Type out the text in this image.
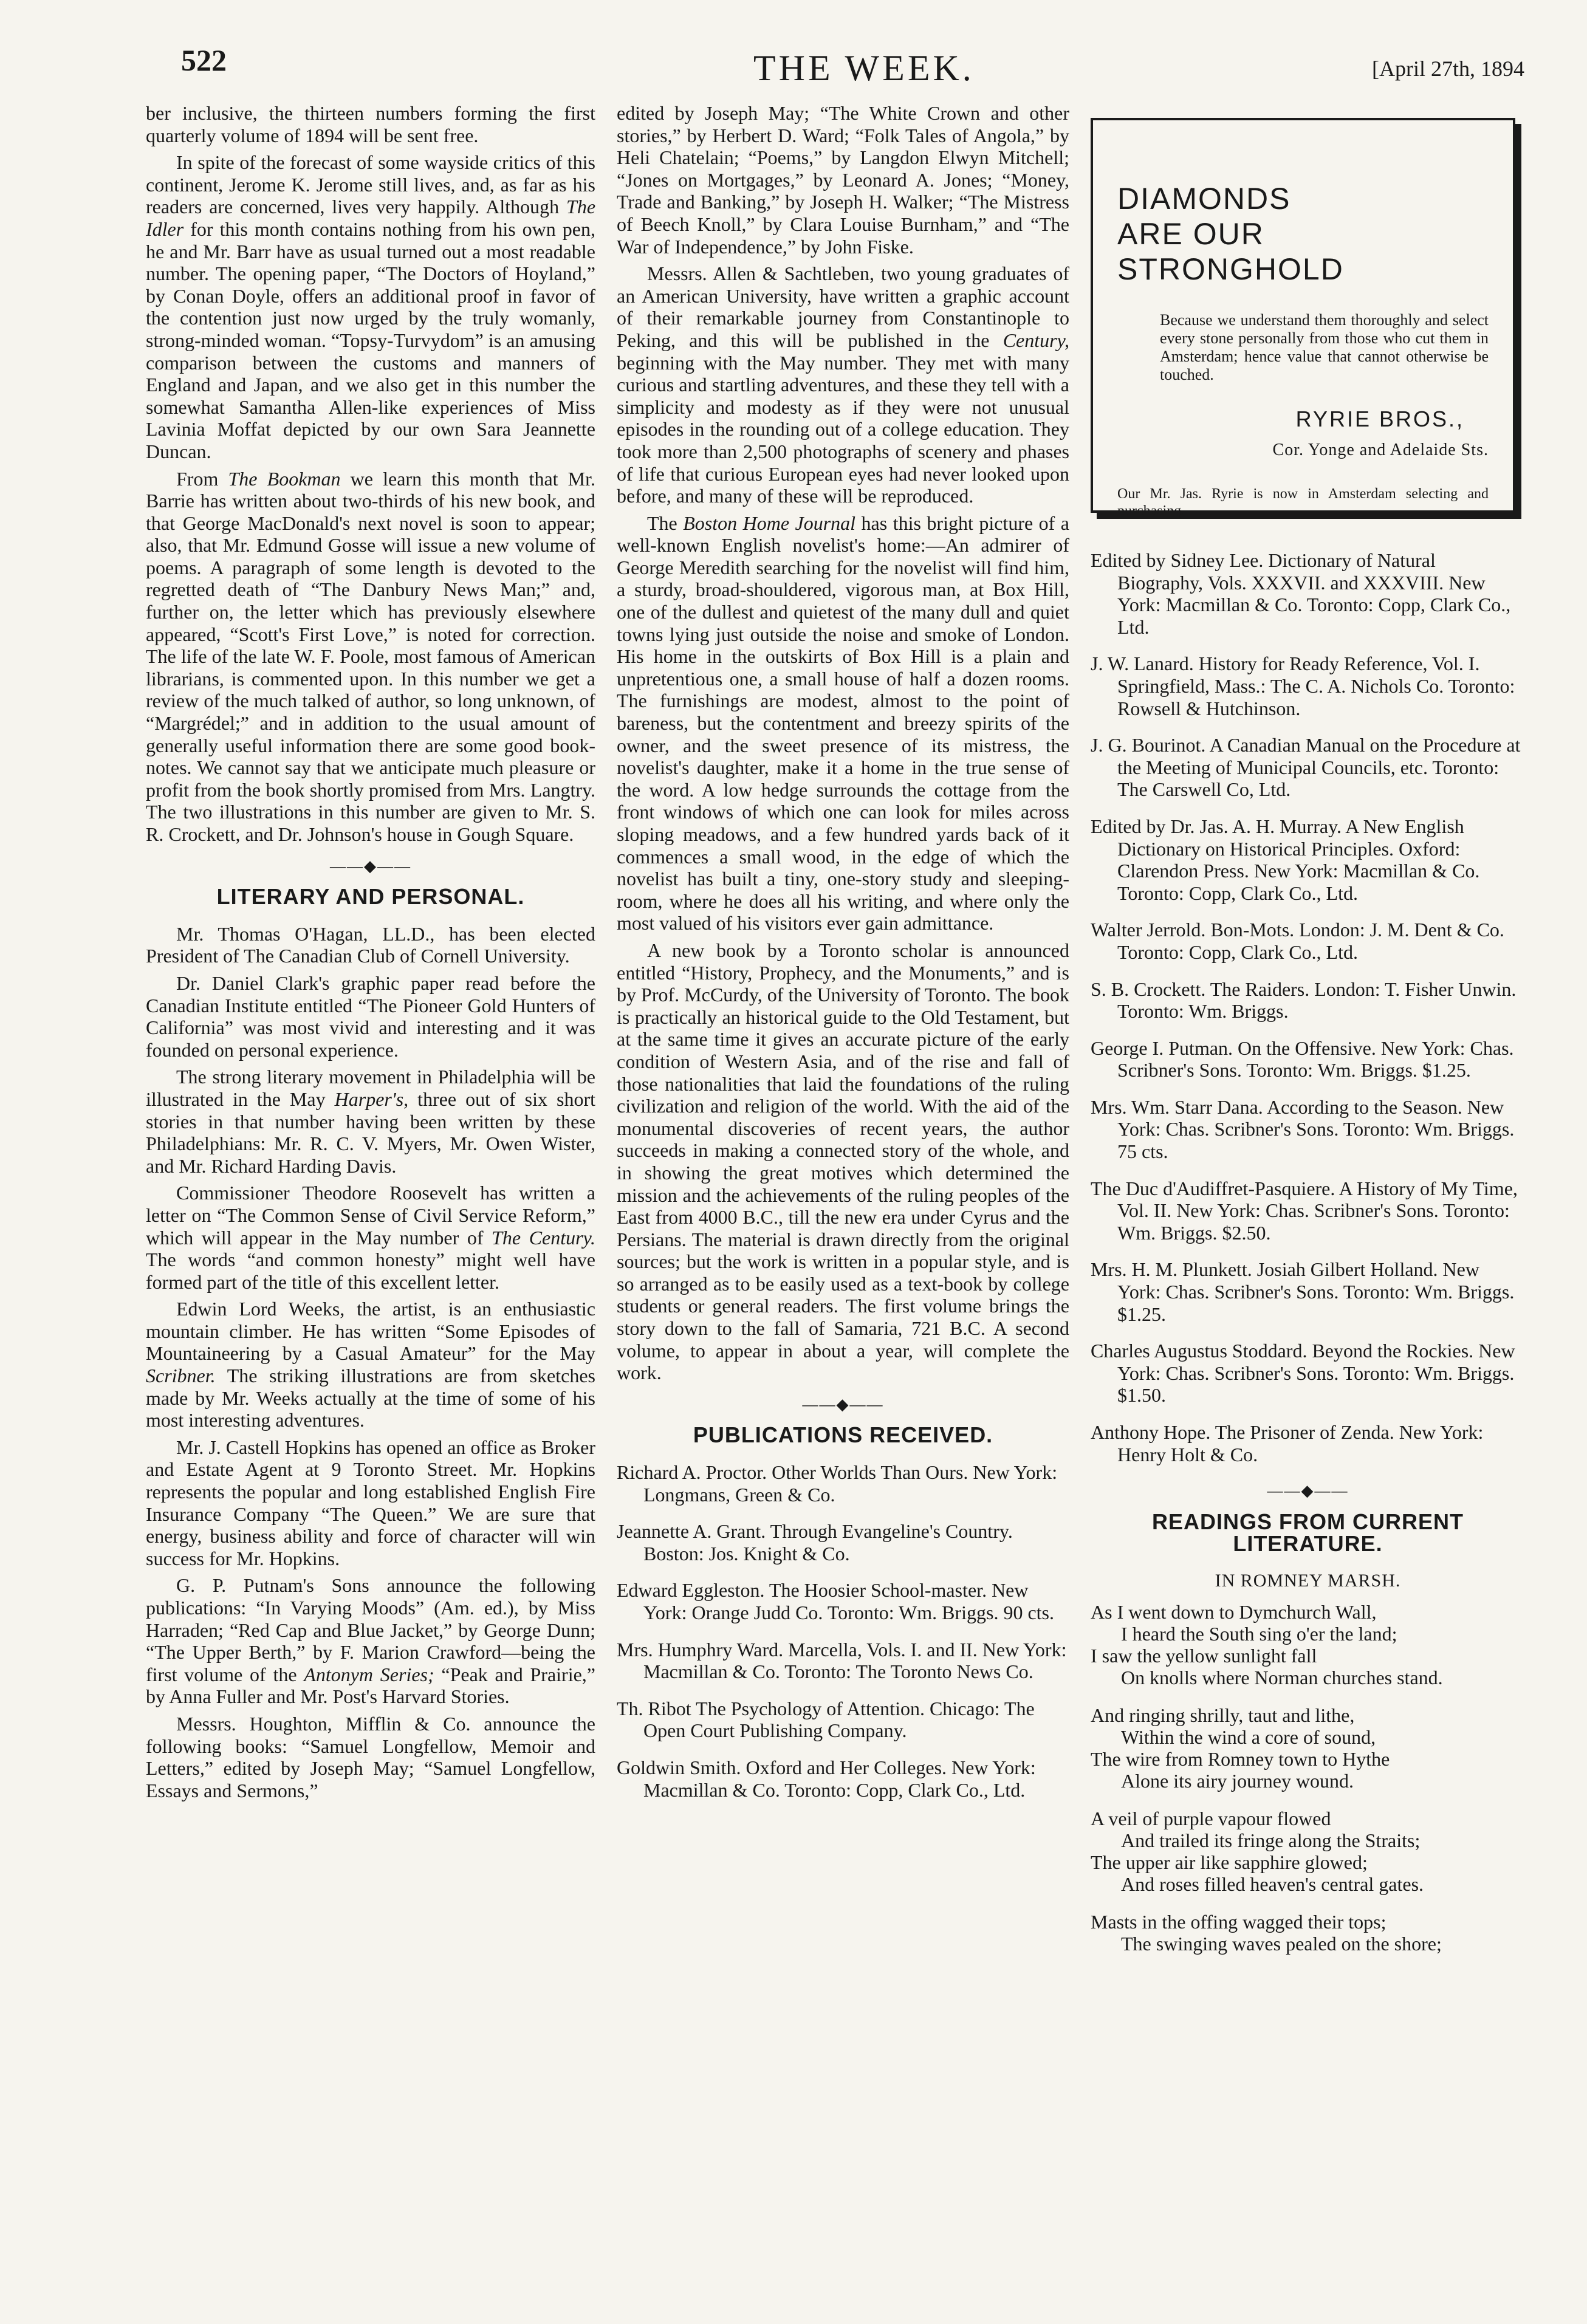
522	THE WEEK.	[April 27th, 1894

ber inclusive, the thirteen numbers forming the first quarterly volume of 1894 will be sent free.

In spite of the forecast of some wayside critics of this continent, Jerome K. Jerome still lives, and, as far as his readers are concerned, lives very happily. Although The Idler for this month contains nothing from his own pen, he and Mr. Barr have as usual turned out a most readable number. The opening paper, “The Doctors of Hoyland,” by Conan Doyle, offers an additional proof in favor of the contention just now urged by the truly womanly, strong-minded woman. “Topsy-Turvydom” is an amusing comparison between the customs and manners of England and Japan, and we also get in this number the somewhat Samantha Allen-like experiences of Miss Lavinia Moffat depicted by our own Sara Jeannette Duncan.

From The Bookman we learn this month that Mr. Barrie has written about two-thirds of his new book, and that George MacDonald's next novel is soon to appear; also, that Mr. Edmund Gosse will issue a new volume of poems. A paragraph of some length is devoted to the regretted death of “The Danbury News Man;” and, further on, the letter which has previously elsewhere appeared, “Scott's First Love,” is noted for correction. The life of the late W. F. Poole, most famous of American librarians, is commented upon. In this number we get a review of the much talked of author, so long unknown, of “Margrédel;” and in addition to the usual amount of generally useful information there are some good book-notes. We cannot say that we anticipate much pleasure or profit from the book shortly promised from Mrs. Langtry. The two illustrations in this number are given to Mr. S. R. Crockett, and Dr. Johnson's house in Gough Square.

——◆——
LITERARY AND PERSONAL.

Mr. Thomas O'Hagan, LL.D., has been elected President of The Canadian Club of Cornell University.

Dr. Daniel Clark's graphic paper read before the Canadian Institute entitled “The Pioneer Gold Hunters of California” was most vivid and interesting and it was founded on personal experience.

The strong literary movement in Philadelphia will be illustrated in the May Harper's, three out of six short stories in that number having been written by these Philadelphians: Mr. R. C. V. Myers, Mr. Owen Wister, and Mr. Richard Harding Davis.

Commissioner Theodore Roosevelt has written a letter on “The Common Sense of Civil Service Reform,” which will appear in the May number of The Century. The words “and common honesty” might well have formed part of the title of this excellent letter.

Edwin Lord Weeks, the artist, is an enthusiastic mountain climber. He has written “Some Episodes of Mountaineering by a Casual Amateur” for the May Scribner. The striking illustrations are from sketches made by Mr. Weeks actually at the time of some of his most interesting adventures.

Mr. J. Castell Hopkins has opened an office as Broker and Estate Agent at 9 Toronto Street. Mr. Hopkins represents the popular and long established English Fire Insurance Company “The Queen.” We are sure that energy, business ability and force of character will win success for Mr. Hopkins.

G. P. Putnam's Sons announce the following publications: “In Varying Moods” (Am. ed.), by Miss Harraden; “Red Cap and Blue Jacket,” by George Dunn; “The Upper Berth,” by F. Marion Crawford—being the first volume of the Antonym Series; “Peak and Prairie,” by Anna Fuller and Mr. Post's Harvard Stories.

Messrs. Houghton, Mifflin & Co. announce the following books: “Samuel Longfellow, Memoir and Letters,” edited by Joseph May; “Samuel Longfellow, Essays and Sermons,”

edited by Joseph May; “The White Crown and other stories,” by Herbert D. Ward; “Folk Tales of Angola,” by Heli Chatelain; “Poems,” by Langdon Elwyn Mitchell; “Jones on Mortgages,” by Leonard A. Jones; “Money, Trade and Banking,” by Joseph H. Walker; “The Mistress of Beech Knoll,” by Clara Louise Burnham,” and “The War of Independence,” by John Fiske.

Messrs. Allen & Sachtleben, two young graduates of an American University, have written a graphic account of their remarkable journey from Constantinople to Peking, and this will be published in the Century, beginning with the May number. They met with many curious and startling adventures, and these they tell with a simplicity and modesty as if they were not unusual episodes in the rounding out of a college education. They took more than 2,500 photographs of scenery and phases of life that curious European eyes had never looked upon before, and many of these will be reproduced.

The Boston Home Journal has this bright picture of a well-known English novelist's home:—An admirer of George Meredith searching for the novelist will find him, a sturdy, broad-shouldered, vigorous man, at Box Hill, one of the dullest and quietest of the many dull and quiet towns lying just outside the noise and smoke of London. His home in the outskirts of Box Hill is a plain and unpretentious one, a small house of half a dozen rooms. The furnishings are modest, almost to the point of bareness, but the contentment and breezy spirits of the owner, and the sweet presence of its mistress, the novelist's daughter, make it a home in the true sense of the word. A low hedge surrounds the cottage from the front windows of which one can look for miles across sloping meadows, and a few hundred yards back of it commences a small wood, in the edge of which the novelist has built a tiny, one-story study and sleeping-room, where he does all his writing, and where only the most valued of his visitors ever gain admittance.

A new book by a Toronto scholar is announced entitled “History, Prophecy, and the Monuments,” and is by Prof. McCurdy, of the University of Toronto. The book is practically an historical guide to the Old Testament, but at the same time it gives an accurate picture of the early condition of Western Asia, and of the rise and fall of those nationalities that laid the foundations of the ruling civilization and religion of the world. With the aid of the monumental discoveries of recent years, the author succeeds in making a connected story of the whole, and in showing the great motives which determined the mission and the achievements of the ruling peoples of the East from 4000 B.C., till the new era under Cyrus and the Persians. The material is drawn directly from the original sources; but the work is written in a popular style, and is so arranged as to be easily used as a text-book by college students or general readers. The first volume brings the story down to the fall of Samaria, 721 B.C. A second volume, to appear in about a year, will complete the work.

——◆——
PUBLICATIONS RECEIVED.
Richard A. Proctor. Other Worlds Than Ours. New York: Longmans, Green & Co.
Jeannette A. Grant. Through Evangeline's Country. Boston: Jos. Knight & Co.
Edward Eggleston. The Hoosier School-master. New York: Orange Judd Co. Toronto: Wm. Briggs. 90 cts.
Mrs. Humphry Ward. Marcella, Vols. I. and II. New York: Macmillan & Co. Toronto: The Toronto News Co.
Th. Ribot The Psychology of Attention. Chicago: The Open Court Publishing Company.
Goldwin Smith. Oxford and Her Colleges. New York: Macmillan & Co. Toronto: Copp, Clark Co., Ltd.
DIAMONDS
ARE OUR
STRONGHOLD
Because we understand them thoroughly and select every stone personally from those who cut them in Amsterdam; hence value that cannot otherwise be touched.
RYRIE BROS.,
Cor. Yonge and Adelaide Sts.
Our Mr. Jas. Ryrie is now in Amsterdam selecting and purchasing.
Edited by Sidney Lee. Dictionary of Natural Biography, Vols. XXXVII. and XXXVIII. New York: Macmillan & Co. Toronto: Copp, Clark Co., Ltd.
J. W. Lanard. History for Ready Reference, Vol. I. Springfield, Mass.: The C. A. Nichols Co. Toronto: Rowsell & Hutchinson.
J. G. Bourinot. A Canadian Manual on the Procedure at the Meeting of Municipal Councils, etc. Toronto: The Carswell Co, Ltd.
Edited by Dr. Jas. A. H. Murray. A New English Dictionary on Historical Principles. Oxford: Clarendon Press. New York: Macmillan & Co. Toronto: Copp, Clark Co., Ltd.
Walter Jerrold. Bon-Mots. London: J. M. Dent & Co. Toronto: Copp, Clark Co., Ltd.
S. B. Crockett. The Raiders. London: T. Fisher Unwin. Toronto: Wm. Briggs.
George I. Putman. On the Offensive. New York: Chas. Scribner's Sons. Toronto: Wm. Briggs. $1.25.
Mrs. Wm. Starr Dana. According to the Season. New York: Chas. Scribner's Sons. Toronto: Wm. Briggs. 75 cts.
The Duc d'Audiffret-Pasquiere. A History of My Time, Vol. II. New York: Chas. Scribner's Sons. Toronto: Wm. Briggs. $2.50.
Mrs. H. M. Plunkett. Josiah Gilbert Holland. New York: Chas. Scribner's Sons. Toronto: Wm. Briggs. $1.25.
Charles Augustus Stoddard. Beyond the Rockies. New York: Chas. Scribner's Sons. Toronto: Wm. Briggs. $1.50.
Anthony Hope. The Prisoner of Zenda. New York: Henry Holt & Co.
——◆——
READINGS FROM CURRENT
LITERATURE.
IN ROMNEY MARSH.
As I went down to Dymchurch Wall,
I heard the South sing o'er the land;
I saw the yellow sunlight fall
On knolls where Norman churches stand.
And ringing shrilly, taut and lithe,
Within the wind a core of sound,
The wire from Romney town to Hythe
Alone its airy journey wound.
A veil of purple vapour flowed
And trailed its fringe along the Straits;
The upper air like sapphire glowed;
And roses filled heaven's central gates.
Masts in the offing wagged their tops;
The swinging waves pealed on the shore;
